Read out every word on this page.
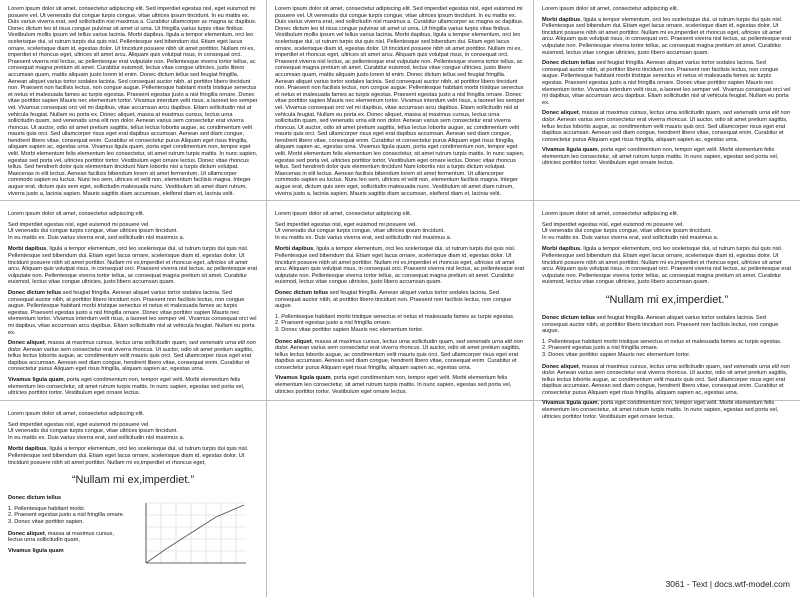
Lorem ipsum dolor sit amet, consectetur adipiscing elit. Sed imperdiet egestas nisl, eget euismod mi posuere vel. Ut venenatis dui congue turpis congue, vitae ultrices ipsum tincidunt. In eu mattis ex. Duis varius viverra erat, sed sollicitudin nisl maximus a. Curabitur ullamcorper ac magna ac dapibus. Donec dictum leo id risus congue pulvinar sit amet ut urna. Ut fringilla varius turpis vitae finibus. Vestibulum mollis ipsum vel tellus varius lacinia. Morbi dapibus, ligula a tempor elementum, orci leo scelerisque dui, ut rutrum turpis dui quis nisl. Pellentesque sed bibendum dui. Etiam eget lacus ornare, scelerisque diam id, egestas dolor. Ut tincidunt posuere nibh sit amet porttitor. Nullam mi ex, imperdiet et rhoncus eget, ultrices sit amet arcu. Aliquam quis volutpat risus, in consequat orci. Praesent viverra nisl lectus, ac pellentesque erat vulputate non. Pellentesque viverra tortor tellus, ac consequat magna pretium sit amet. Curabitur euismod, lectus vitae congue ultricies, justo libero accumsan quam, mattis aliquam justo lorem id enim. Donec dictum tellus sed feugiat fringilla. Aenean aliquet varius tortor sodales lacinia. Sed consequat auctor nibh, at porttitor libero tincidunt non. Praesent non facilisis lectus, non congue augue. Pellentesque habitant morbi tristique senectus et netus et malesuada fames ac turpis egestas. Praesent egestas justo a nisl fringilla ornare. Donec vitae porttitor sapien Mauris nec elementum tortor. Vivamus interdum velit risus, a laoreet leo semper vel. Vivamus consequat orci vel mi dapibus, vitae accumsan arcu dapibus. Etiam sollicitudin nisl at vehicula feugiat. Nullam eu porta ex. Donec aliquet, massa at maximus cursus, lectus urna sollicitudin quam, sed venenatis urna elit non dolor. Aenean varius sem consectetur erat viverra rhoncus. Ut auctor, odio sit amet pretium sagittis, tellus lectus lobortis augue, ac condimentum velit mauris quis orci. Sed ullamcorper risus eget erat dapibus accumsan. Aenean sed diam congue, hendrerit libero vitae, consequat enim. Curabitur et consectetur purus Aliquam eget risus fringilla, aliquam sapien ac, egestas urna. Vivamus ligula quam, porta eget condimentum non, tempor eget velit. Morbi elementum felis elementum leo consectetur, sit amet rutrum turpis mattis. In nunc sapien, egestas sed porta vel, ultricies porttitor tortor. Vestibulum eget ornare lectus. Donec vitae rhoncus tellus. Sed hendrerit dolor quis elementum tincidunt Nam lobortis nisi a turpis dictum volutpat. Maecenas in elit lectus. Aenean facilisis bibendum lorem sit amet fermentum. Ut ullamcorper commodo sapien eu luctus. Nunc leo sem, ultrices et velit non, elementum facilisis magna. Integer augue erat, dictum quis sem eget, sollicitudin malesuada nunc. Vestibulum sit amet diam rutrum, viverra justo a, lacinia sapien. Mauris sagittis diam accumsan, eleifend diam et, lacinia velit.

Lorem ipsum dolor sit amet, consectetur adipiscing elit. Sed imperdiet egestas nisl, eget euismod mi posuere vel. Ut venenatis dui congue turpis congue, vitae ultrices ipsum tincidunt. In eu mattis ex. Duis varius viverra erat, sed sollicitudin nisl maximus a. Curabitur ullamcorper ac magna ac dapibus. Donec dictum leo id risus congue pulvinar sit amet ut urna. Ut fringilla varius turpis vitae finibus. Vestibulum mollis ipsum vel tellus varius lacinia. Morbi dapibus, ligula a tempor elementum, orci leo scelerisque dui, ut rutrum turpis dui quis nisl. Pellentesque sed bibendum dui. Etiam eget lacus ornare, scelerisque diam id, egestas dolor. Ut tincidunt posuere nibh sit amet porttitor. Nullam mi ex, imperdiet et rhoncus eget, ultrices sit amet arcu. Aliquam quis volutpat risus, in consequat orci. Praesent viverra nisl lectus, ac pellentesque erat vulputate non. Pellentesque viverra tortor tellus, ac consequat magna pretium sit amet. Curabitur euismod, lectus vitae congue ultricies, justo libero accumsan quam, mattis aliquam justo lorem id enim. Donec dictum tellus sed feugiat fringilla. Aenean aliquet varius tortor sodales lacinia. Sed consequat auctor nibh, at porttitor libero tincidunt non. Praesent non facilisis lectus, non congue augue. Pellentesque habitant morbi tristique senectus et netus et malesuada fames ac turpis egestas. Praesent egestas justo a nisl fringilla ornare. Donec vitae porttitor sapien Mauris nec elementum tortor. Vivamus interdum velit risus, a laoreet leo semper vel. Vivamus consequat orci vel mi dapibus, vitae accumsan arcu dapibus. Etiam sollicitudin nisl at vehicula feugiat. Nullam eu porta ex. Donec aliquet, massa at maximus cursus, lectus urna sollicitudin quam, sed venenatis urna elit non dolor. Aenean varius sem consectetur erat viverra rhoncus. Ut auctor, odio sit amet pretium sagittis, tellus lectus lobortis augue, ac condimentum velit mauris quis orci. Sed ullamcorper risus eget erat dapibus accumsan. Aenean sed diam congue, hendrerit libero vitae, consequat enim. Curabitur et consectetur purus Aliquam eget risus fringilla, aliquam sapien ac, egestas urna. Vivamus ligula quam, porta eget condimentum non, tempor eget velit. Morbi elementum felis elementum leo consectetur, sit amet rutrum turpis mattis. In nunc sapien, egestas sed porta vel, ultricies porttitor tortor. Vestibulum eget ornare lectus. Donec vitae rhoncus tellus. Sed hendrerit dolor quis elementum tincidunt Nam lobortis nisi a turpis dictum volutpat. Maecenas in elit lectus. Aenean facilisis bibendum lorem sit amet fermentum. Ut ullamcorper commodo sapien eu luctus. Nunc leo sem, ultrices et velit non, elementum facilisis magna. Integer augue erat, dictum quis sem eget, sollicitudin malesuada nunc. Vestibulum sit amet diam rutrum, viverra justo a, lacinia sapien. Mauris sagittis diam accumsan, eleifend diam et, lacinia velit.

Lorem ipsum dolor sit amet, consectetur adipiscing elit.

Morbi dapibus, ligula a tempor elementum, orci leo scelerisque dui, ut rutrum turpis dui quis nisl. Pellentesque sed bibendum dui. Etiam eget lacus ornare, scelerisque diam id, egestas dolor. Ut tincidunt posuere nibh sit amet porttitor. Nullam mi ex,imperdiet et rhoncus eget, ultricies sit amet arcu. Aliquam quis volutpat risus, in consequat orci. Praesent viverra nisl lectus, ac pellentesque erat vulputate non. Pellentesque viverra tortor tellus, ac consequat magna pretium sit amet. Curabitur euismod, lectus vitae congue ultricies, justo libero accumsan quam.

Donec dictum tellus sed feugiat fringilla. Aenean aliquet varius tortor sodales lacinia. Sed consequat auctor nibh, at porttitor libero tincidunt non. Praesent non facilisis lectus, non congue augue. Pellentesque habitant morbi tristique senectus et netus et malesuada fames ac turpis egestas. Praesent egestas justo a nisl fringilla ornare. Donec vitae porttitor sapien Mauris nec elementum tortor. Vivamus interdum velit risus, a laoreet leo semper vel. Vivamus consequat orci vel mi dapibus, vitae accumsan arcu dapibus. Etiam sollicitudin nisl at vehicula feugiat. Nullam eu porta ex.

Donec aliquet, massa at maximus cursus, lectus urna sollicitudin quam, sed venenatis urna elit non dolor. Aenean varius sem consectetur erat viverra rhoncus. Ut auctor, odio sit amet pretium sagittis, tellus lectus lobortis augue, ac condimentum velit mauris quis orci. Sed ullamcorper risus eget erat dapibus accumsan. Aenean sed diam congue, hendrerit libero vitae, consequat enim. Curabitur et consectetur purus Aliquam eget risus fringilla, aliquam sapien ac, egestas urna.

Vivamus ligula quam, porta eget condimentum non, tempor eget velit. Morbi elementum felis elementum leo consectetur, sit amet rutrum turpis mattis. In nunc sapien, egestas sed porta vel, ultricies porttitor tortor. Vestibulum eget ornare lectus.

Lorem ipsum dolor sit amet, consectetur adipiscing elit.

Sed imperdiet egestas nisl, eget euismod mi posuere vel.
Ut venenatis dui congue turpis congue, vitae ultrices ipsum tincidunt.
In eu mattis ex. Duis varius viverra erat, sed sollicitudin nisl maximus a.

Morbi dapibus, ligula a tempor elementum, orci leo scelerisque dui, ut rutrum turpis dui quis nisl. Pellentesque sed bibendum dui. Etiam eget lacus ornare, scelerisque diam id, egestas dolor. Ut tincidunt posuere nibh sit amet porttitor. Nullam mi ex,imperdiet et rhoncus eget, ultricies sit amet arcu. Aliquam quis volutpat risus, in consequat orci. Praesent viverra nisl lectus, ac pellentesque erat vulputate non. Pellentesque viverra tortor tellus, ac consequat magna pretium sit amet. Curabitur euismod, lectus vitae congue ultricies, justo libero accumsan quam.

Donec dictum tellus sed feugiat fringilla. Aenean aliquet varius tortor sodales lacinia. Sed consequat auctor nibh, at porttitor libero tincidunt non. Praesent non facilisis lectus, non congue augue. Pellentesque habitant morbi tristique senectus et netus et malesuada fames ac turpis egestas. Praesent egestas justo a nisl fringilla ornare. Donec vitae porttitor sapien Mauris nec elementum tortor. Vivamus interdum velit risus, a laoreet leo semper vel. Vivamus consequat orci vel mi dapibus, vitae accumsan arcu dapibus. Etiam sollicitudin nisl at vehicula feugiat. Nullam eu porta ex.

Donec aliquet, massa at maximus cursus, lectus urna sollicitudin quam, sed venenatis urna elit non dolor. Aenean varius sem consectetur erat viverra rhoncus. Ut auctor, odio sit amet pretium sagittis, tellus lectus lobortis augue, ac condimentum velit mauris quis orci. Sed ullamcorper risus eget erat dapibus accumsan. Aenean sed diam congue, hendrerit libero vitae, consequat enim. Curabitur et consectetur purus Aliquam eget risus fringilla, aliquam sapien ac, egestas urna.

Vivamus ligula quam, porta eget condimentum non, tempor eget velit. Morbi elementum felis elementum leo consectetur, sit amet rutrum turpis mattis. In nunc sapien, egestas sed porta vel, ultricies porttitor tortor. Vestibulum eget ornare lectus.

Lorem ipsum dolor sit amet, consectetur adipiscing elit.

Sed imperdiet egestas nisl, eget euismod mi posuere vel.
Ut venenatis dui congue turpis congue, vitae ultrices ipsum tincidunt.
In eu mattis ex. Duis varius viverra erat, sed sollicitudin nisl maximus a.

Morbi dapibus, ligula a tempor elementum, orci leo scelerisque dui, ut rutrum turpis dui quis nisl. Pellentesque sed bibendum dui. Etiam eget lacus ornare, scelerisque diam id, egestas dolor. Ut tincidunt posuere nibh sit amet porttitor. Nullam mi ex,imperdiet et rhoncus eget, ultricies sit amet arcu. Aliquam quis volutpat risus, in consequat orci. Praesent viverra nisl lectus, ac pellentesque erat vulputate non. Pellentesque viverra tortor tellus, ac consequat magna pretium sit amet. Curabitur euismod, lectus vitae congue ultricies, justo libero accumsan quam.

Donec dictum tellus sed feugiat fringilla. Aenean aliquet varius tortor sodales lacinia. Sed consequat auctor nibh, at porttitor libero tincidunt non. Praesent non facilisis lectus, non congue augue.

1. Pellentesque habitant morbi tristique senectus et netus et malesuada fames ac turpis egestas.
2. Praesent egestas justo a nisl fringilla ornare.
3. Donec vitae porttitor sapien Mauris nec elementum tortor.

Donec aliquet, massa at maximus cursus, lectus urna sollicitudin quam, sed venenatis urna elit non dolor. Aenean varius sem consectetur erat viverra rhoncus. Ut auctor, odio sit amet pretium sagittis, tellus lectus lobortis augue, ac condimentum velit mauris quis orci. Sed ullamcorper risus eget erat dapibus accumsan. Aenean sed diam congue, hendrerit libero vitae, consequat enim. Curabitur et consectetur purus Aliquam eget risus fringilla, aliquam sapien ac, egestas urna.

Vivamus ligula quam, porta eget condimentum non, tempor eget velit. Morbi elementum felis elementum leo consectetur, sit amet rutrum turpis mattis. In nunc sapien, egestas sed porta vel, ultricies porttitor tortor. Vestibulum eget ornare lectus.

Lorem ipsum dolor sit amet, consectetur adipiscing elit.

Sed imperdiet egestas nisl, eget euismod mi posuere vel.
Ut venenatis dui congue turpis congue, vitae ultrices ipsum tincidunt.
In eu mattis ex. Duis varius viverra erat, sed sollicitudin nisl maximus a.

Morbi dapibus, ligula a tempor elementum, orci leo scelerisque dui, ut rutrum turpis dui quis nisl. Pellentesque sed bibendum dui. Etiam eget lacus ornare, scelerisque diam id, egestas dolor. Ut tincidunt posuere nibh sit amet porttitor. Nullam mi ex,imperdiet et rhoncus eget, ultricies sit amet arcu. Aliquam quis volutpat risus, in consequat orci. Praesent viverra nisl lectus, ac pellentesque erat vulputate non. Pellentesque viverra tortor tellus, ac consequat magna pretium sit amet. Curabitur euismod, lectus vitae congue ultricies, justo libero accumsan quam.

“Nullam mi ex,imperdiet.”

Donec dictum tellus sed feugiat fringilla. Aenean aliquet varius tortor sodales lacinia. Sed consequat auctor nibh, at porttitor libero tincidunt non. Praesent non facilisis lectus, non congue augue.

1. Pellentesque habitant morbi tristique senectus et netus et malesuada fames ac turpis egestas.
2. Praesent egestas justo a nisl fringilla ornare.
3. Donec vitae porttitor sapien Mauris nec elementum tortor.

Donec aliquet, massa at maximus cursus, lectus urna sollicitudin quam, sed venenatis urna elit non dolor. Aenean varius sem consectetur erat viverra rhoncus. Ut auctor, odio sit amet pretium sagittis, tellus lectus lobortis augue, ac condimentum velit mauris quis orci. Sed ullamcorper risus eget erat dapibus accumsan. Aenean sed diam congue, hendrerit libero vitae, consequat enim. Curabitur et consectetur purus Aliquam eget risus fringilla, aliquam sapien ac, egestas urna.

Vivamus ligula quam, porta eget condimentum non, tempor eget velit. Morbi elementum felis elementum leo consectetur, sit amet rutrum turpis mattis. In nunc sapien, egestas sed porta vel, ultricies porttitor tortor. Vestibulum eget ornare lectus.

Lorem ipsum dolor sit amet, consectetur adipiscing elit.

Sed imperdiet egestas nisl, eget euismod mi posuere vel.
Ut venenatis dui congue turpis congue, vitae ultrices ipsum tincidunt.
In eu mattis ex. Duis varius viverra erat, sed sollicitudin nisl maximus a.

Morbi dapibus, ligula a tempor elementum, orci leo scelerisque dui, ut rutrum turpis dui quis nisl. Pellentesque sed bibendum dui. Etiam eget lacus ornare, scelerisque diam id, egestas dolor. Ut tincidunt posuere nibh sit amet porttitor. Nullam mi ex,imperdiet et rhoncus eget,

“Nullam mi ex,imperdiet.”

Donec dictum tellus

1. Pellentesque habitant morbi.
2. Praesent egestas justo a nisl fringilla ornare.
3. Donec vitae porttitor sapien.

Donec aliquet, massa at maximus cursus, lectus urna sollicitudin quam,

Vivamus ligula quam

3061 - Text | docs.wtf-model.com
